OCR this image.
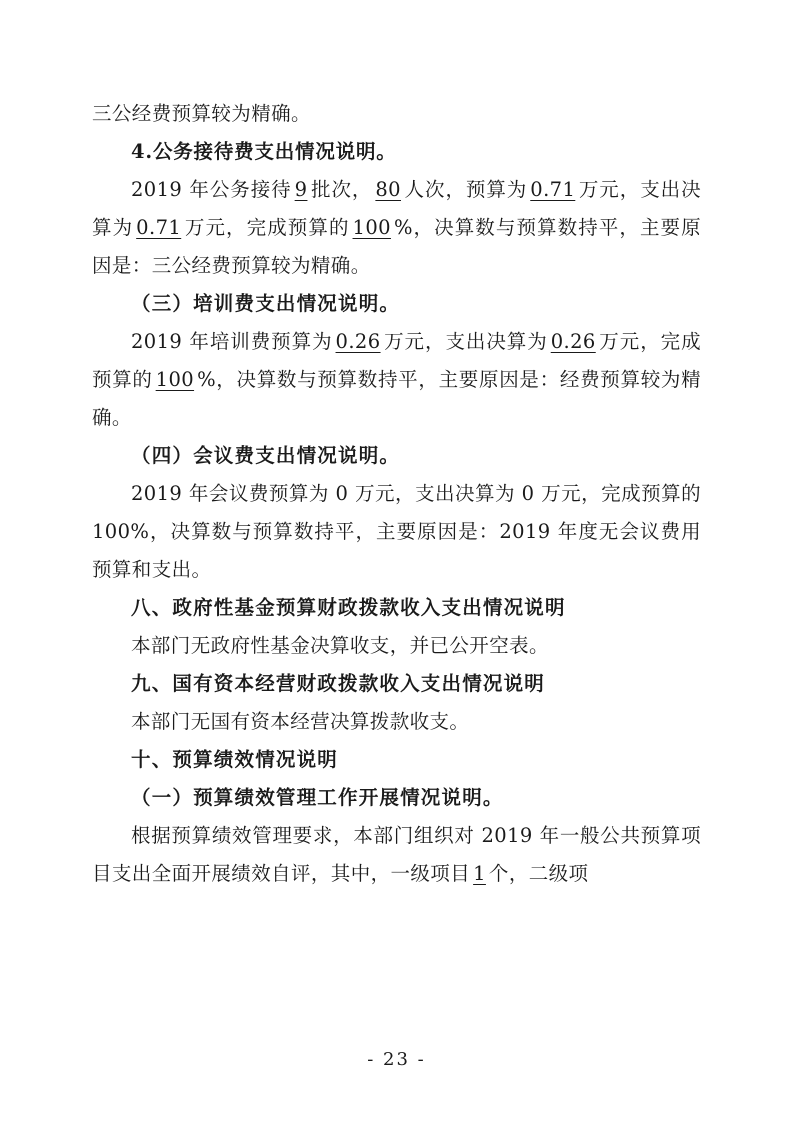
三公经费预算较为精确。

4.公务接待费支出情况说明。

2019 年公务接待 9 批次， 80 人次，预算为 0.71 万元，支出决算为 0.71 万元，完成预算的 100 %，决算数与预算数持平，主要原因是：三公经费预算较为精确。

（三）培训费支出情况说明。

2019 年培训费预算为 0.26 万元，支出决算为 0.26 万元，完成预算的 100 %，决算数与预算数持平，主要原因是：经费预算较为精确。

（四）会议费支出情况说明。

2019 年会议费预算为 0 万元，支出决算为 0 万元，完成预算的 100%，决算数与预算数持平，主要原因是：2019 年度无会议费用预算和支出。

八、政府性基金预算财政拨款收入支出情况说明

本部门无政府性基金决算收支，并已公开空表。

九、国有资本经营财政拨款收入支出情况说明

本部门无国有资本经营决算拨款收支。

十、预算绩效情况说明

（一）预算绩效管理工作开展情况说明。

根据预算绩效管理要求，本部门组织对 2019 年一般公共预算项目支出全面开展绩效自评，其中，一级项目 1 个，二级项

- 23 -
